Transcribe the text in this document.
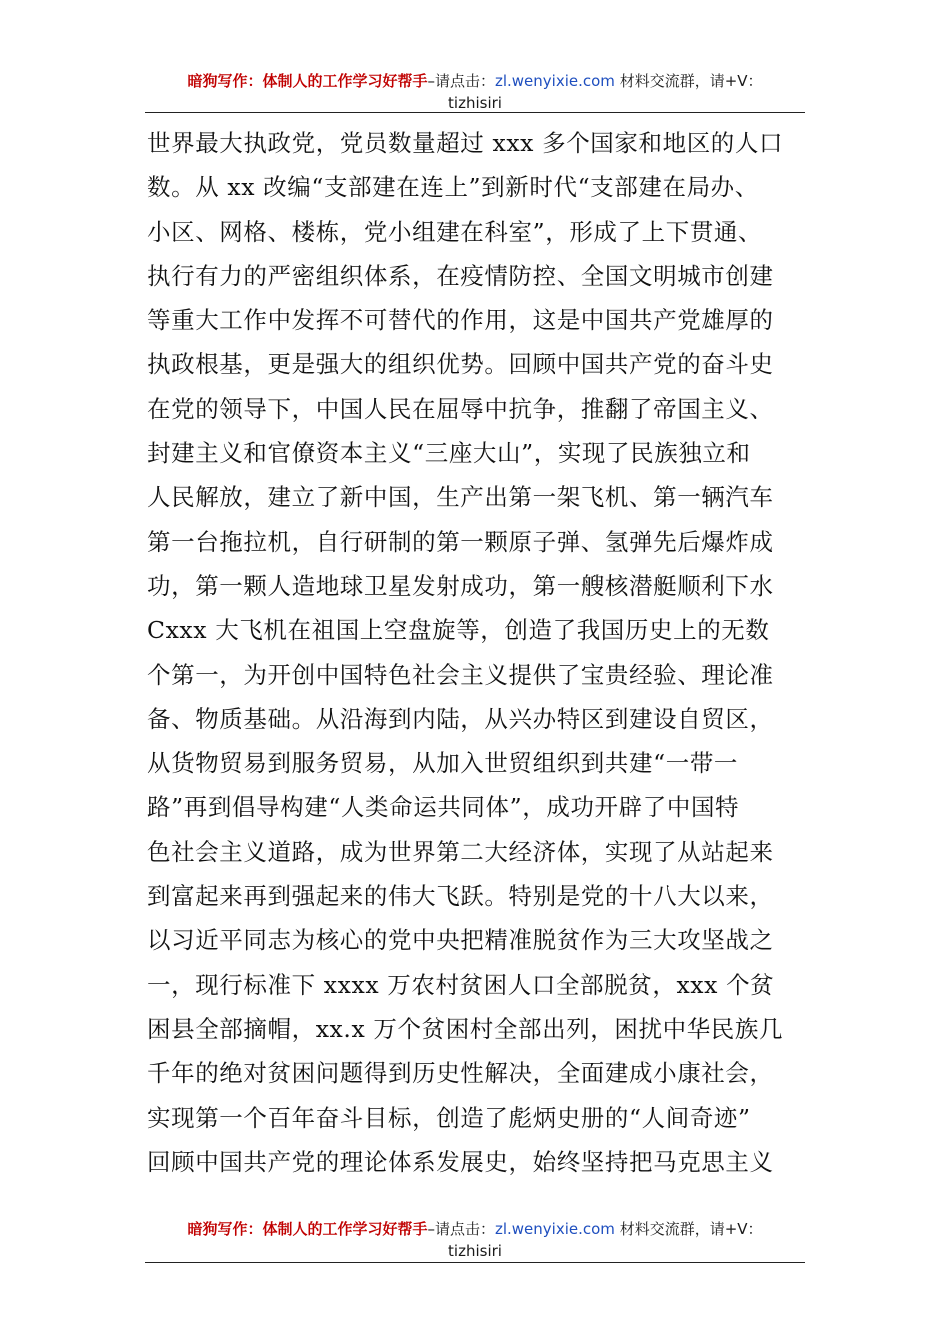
暗狗写作：体制人的工作学习好帮手–请点击：zl.wenyixie.com 材料交流群，请+V：
tizhisiri
世界最大执政党，党员数量超过 xxx 多个国家和地区的人口
数。从 xx 改编“支部建在连上”到新时代“支部建在局办、
小区、网格、楼栋，党小组建在科室”，形成了上下贯通、
执行有力的严密组织体系，在疫情防控、全国文明城市创建
等重大工作中发挥不可替代的作用，这是中国共产党雄厚的
执政根基，更是强大的组织优势。回顾中国共产党的奋斗史
在党的领导下，中国人民在屈辱中抗争，推翻了帝国主义、
封建主义和官僚资本主义“三座大山”，实现了民族独立和
人民解放，建立了新中国，生产出第一架飞机、第一辆汽车
第一台拖拉机，自行研制的第一颗原子弹、氢弹先后爆炸成
功，第一颗人造地球卫星发射成功，第一艘核潜艇顺利下水
Cxxx 大飞机在祖国上空盘旋等，创造了我国历史上的无数
个第一，为开创中国特色社会主义提供了宝贵经验、理论准
备、物质基础。从沿海到内陆，从兴办特区到建设自贸区，
从货物贸易到服务贸易，从加入世贸组织到共建“一带一
路”再到倡导构建“人类命运共同体”，成功开辟了中国特
色社会主义道路，成为世界第二大经济体，实现了从站起来
到富起来再到强起来的伟大飞跃。特别是党的十八大以来，
以习近平同志为核心的党中央把精准脱贫作为三大攻坚战之
一，现行标准下 xxxx 万农村贫困人口全部脱贫，xxx 个贫
困县全部摘帽，xx.x 万个贫困村全部出列，困扰中华民族几
千年的绝对贫困问题得到历史性解决，全面建成小康社会，
实现第一个百年奋斗目标，创造了彪炳史册的“人间奇迹”
回顾中国共产党的理论体系发展史，始终坚持把马克思主义
暗狗写作：体制人的工作学习好帮手–请点击：zl.wenyixie.com 材料交流群，请+V：
tizhisiri
